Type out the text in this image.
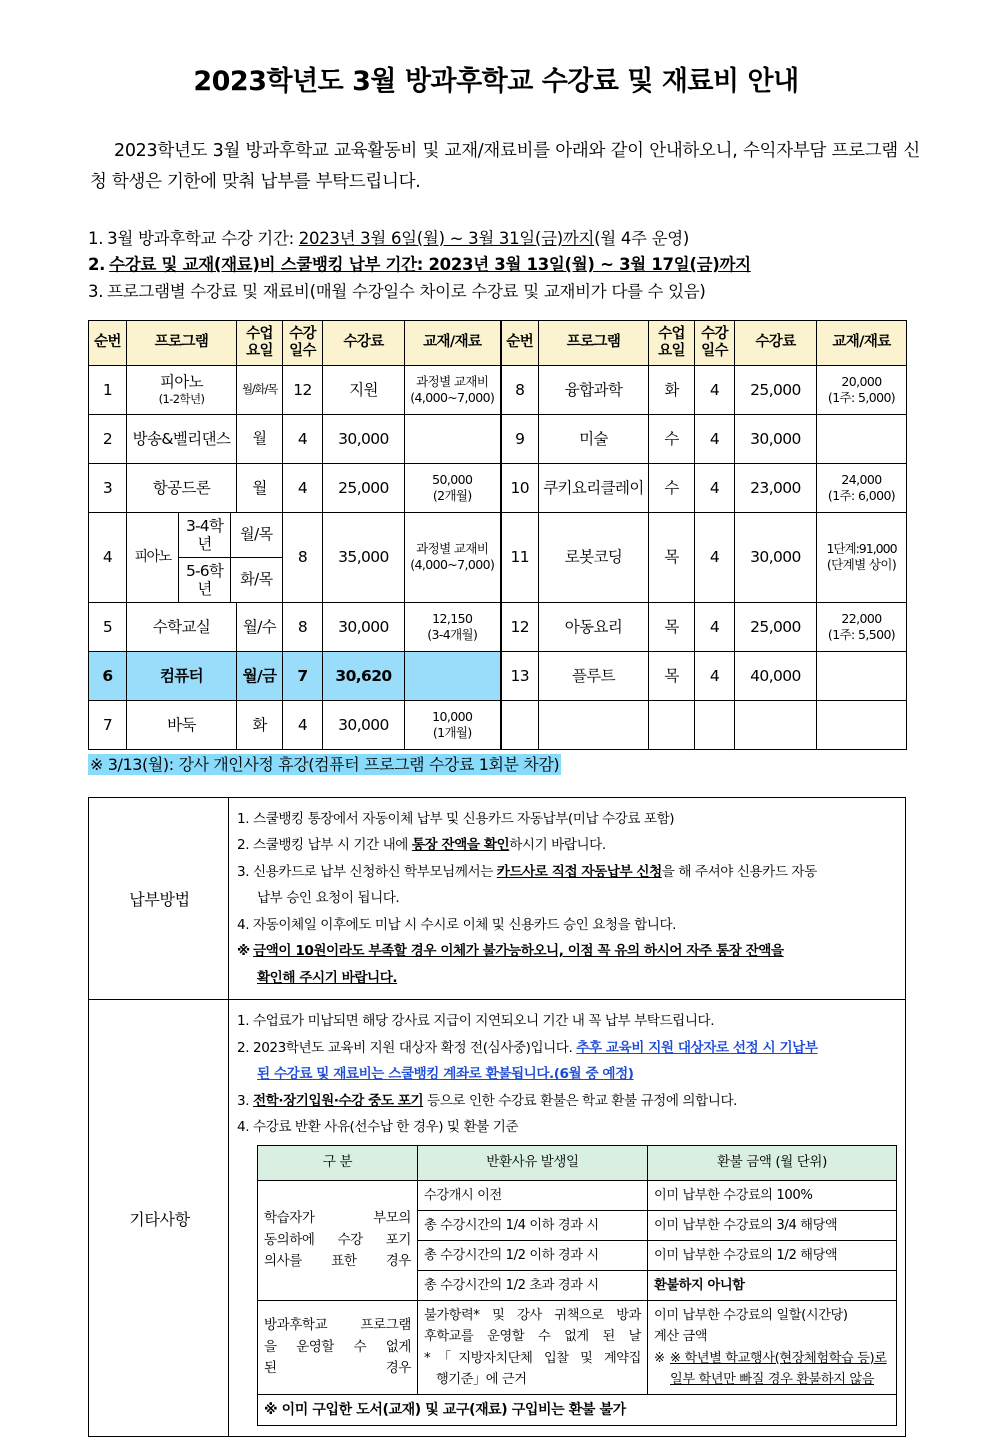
2023학년도 3월 방과후학교 수강료 및 재료비 안내

2023학년도 3월 방과후학교 교육활동비 및 교재/재료비를 아래와 같이 안내하오니, 수익자부담 프로그램 신청 학생은 기한에 맞춰 납부를 부탁드립니다.

1. 3월 방과후학교 수강 기간: 2023년 3월 6일(월) ~ 3월 31일(금)까지(월 4주 운영)
2. 수강료 및 교재(재료)비 스쿨뱅킹 납부 기간: 2023년 3월 13일(월) ~ 3월 17일(금)까지
3. 프로그램별 수강료 및 재료비(매월 수강일수 차이로 수강료 및 교재비가 다를 수 있음)
순번	프로그램	수업
요일	수강
일수	수강료	교재/재료	순번	프로그램	수업
요일	수강
일수	수강료	교재/재료
1	피아노
(1-2학년)
	월/화/목	12	지원	과정별 교재비
(4,000~7,000)	8	융합과학	화	4	25,000	20,000
(1주: 5,000)

2	방송&벨리댄스	월	4	30,000		9	미술	수	4	30,000	
3	항공드론	월	4	25,000	50,000
(2개월)	10	쿠키요리클레이	수	4	23,000	24,000
(1주: 6,000)

4	피아노	3-4학년	월/목
5-6학년	화/목
	8	35,000	과정별 교재비
(4,000~7,000)	11	로봇코딩	목	4	30,000	1단계:91,000
(단계별 상이)

5	수학교실	월/수	8	30,000	12,150
(3-4개월)	12	아동요리	목	4	25,000	22,000
(1주: 5,500)

6	컴퓨터	월/금	7	30,620		13	플루트	목	4	40,000	
7	바둑	화	4	30,000	10,000
(1개월)

※ 3/13(월): 강사 개인사정 휴강(컴퓨터 프로그램 수강료 1회분 차감)
납부방법	
1. 스쿨뱅킹 통장에서 자동이체 납부 및 신용카드 자동납부(미납 수강료 포함)
2. 스쿨뱅킹 납부 시 기간 내에 통장 잔액을 확인하시기 바랍니다.
3. 신용카드로 납부 신청하신 학부모님께서는 카드사로 직접 자동납부 신청을 해 주셔야 신용카드 자동
납부 승인 요청이 됩니다.
4. 자동이체일 이후에도 미납 시 수시로 이체 및 신용카드 승인 요청을 합니다.
※ 금액이 10원이라도 부족할 경우 이체가 불가능하오니, 이점 꼭 유의 하시어 자주 통장 잔액을
확인해 주시기 바랍니다.

기타사항	
1. 수업료가 미납되면 해당 강사료 지급이 지연되오니 기간 내 꼭 납부 부탁드립니다.
2. 2023학년도 교육비 지원 대상자 확정 전(심사중)입니다. 추후 교육비 지원 대상자로 선정 시 기납부
된 수강료 및 재료비는 스쿨뱅킹 계좌로 환불됩니다.(6월 중 예정)
3. 전학·장기입원·수강 중도 포기 등으로 인한 수강료 환불은 학교 환불 규정에 의합니다.
4. 수강료 반환 사유(선수납 한 경우) 및 환불 기준
구 분	반환사유 발생일	환불 금액 (월 단위)

학습자가 부모의
동의하에 수강 포기
의사를 표한 경우
	수강개시 이전	이미 납부한 수강료의 100%
총 수강시간의 1/4 이하 경과 시	이미 납부한 수강료의 3/4 해당액
총 수강시간의 1/2 이하 경과 시	이미 납부한 수강료의 1/2 해당액
총 수강시간의 1/2 초과 경과 시	환불하지 아니함

방과후학교 프로그램
을 운영할 수 없게
된 경우

불가항력* 및 강사 귀책으로 방과
후학교를 운영할 수 없게 된 날
*「지방자치단체 입찰 및 계약집
행기준」에 근거

이미 납부한 수강료의 일할(시간당)
계산 금액
※ ※ 학년별 학교행사(현장체험학습 등)로
일부 학년만 빠질 경우 환불하지 않음

※ 이미 구입한 도서(교재) 및 교구(재료) 구입비는 환불 불가
